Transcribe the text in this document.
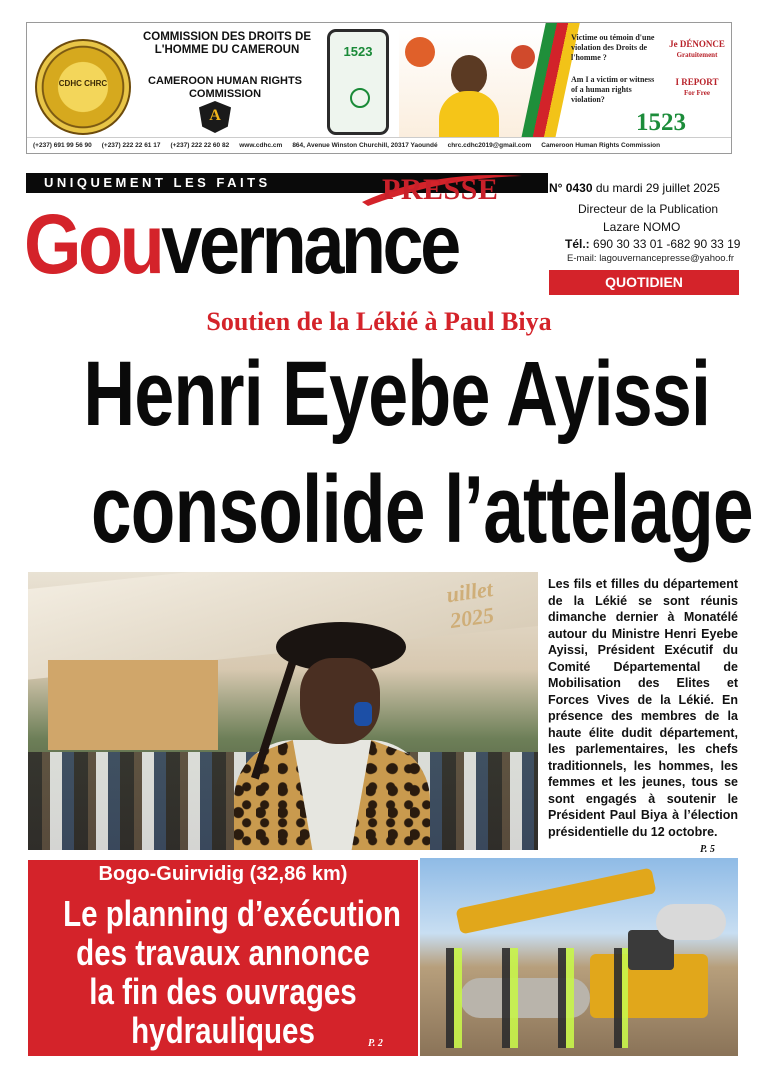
CDHC CHRC
COMMISSION DES DROITS DE L'HOMME DU CAMEROUN
CAMEROON HUMAN RIGHTS COMMISSION
A
1523
Victime ou témoin d'une violation des Droits de l'homme ?
Am I a victim or witness of a human rights violation?
Je DÉNONCE
Gratuitement
I REPORT
For Free
1523
(+237) 691 99 56 90 (+237) 222 22 61 17 (+237) 222 22 60 82 www.cdhc.cm 864, Avenue Winston Churchill, 20317 Yaoundé chrc.cdhc2019@gmail.com Cameroon Human Rights Commission
UNIQUEMENT LES FAITS	PRESSE
Gouvernance
N° 0430 du mardi 29 juillet 2025
Directeur de la Publication
Lazare NOMO
Tél.: 690 30 33 01 -682 90 33 19
E-mail: lagouvernancepresse@yahoo.fr
QUOTIDIEN
Soutien de la Lékié à Paul Biya
Henri Eyebe Ayissi
consolide l’attelage
uillet 2025
Les fils et filles du département de la Lékié se sont réunis dimanche dernier à Monatélé autour du Ministre Henri Eyebe Ayissi, Président Exécutif du Comité Départemental de Mobilisation des Elites et Forces Vives de la Lékié. En présence des membres de la haute élite dudit département, les parlementaires, les chefs traditionnels, les hommes, les femmes et les jeunes, tous se sont engagés à soutenir le Président Paul Biya à l’élection présidentielle du 12 octobre.
P. 5
Bogo-Guirvidig (32,86 km)
Le planning d’exécution
des travaux annonce
la fin des ouvrages
hydrauliques	P. 2
